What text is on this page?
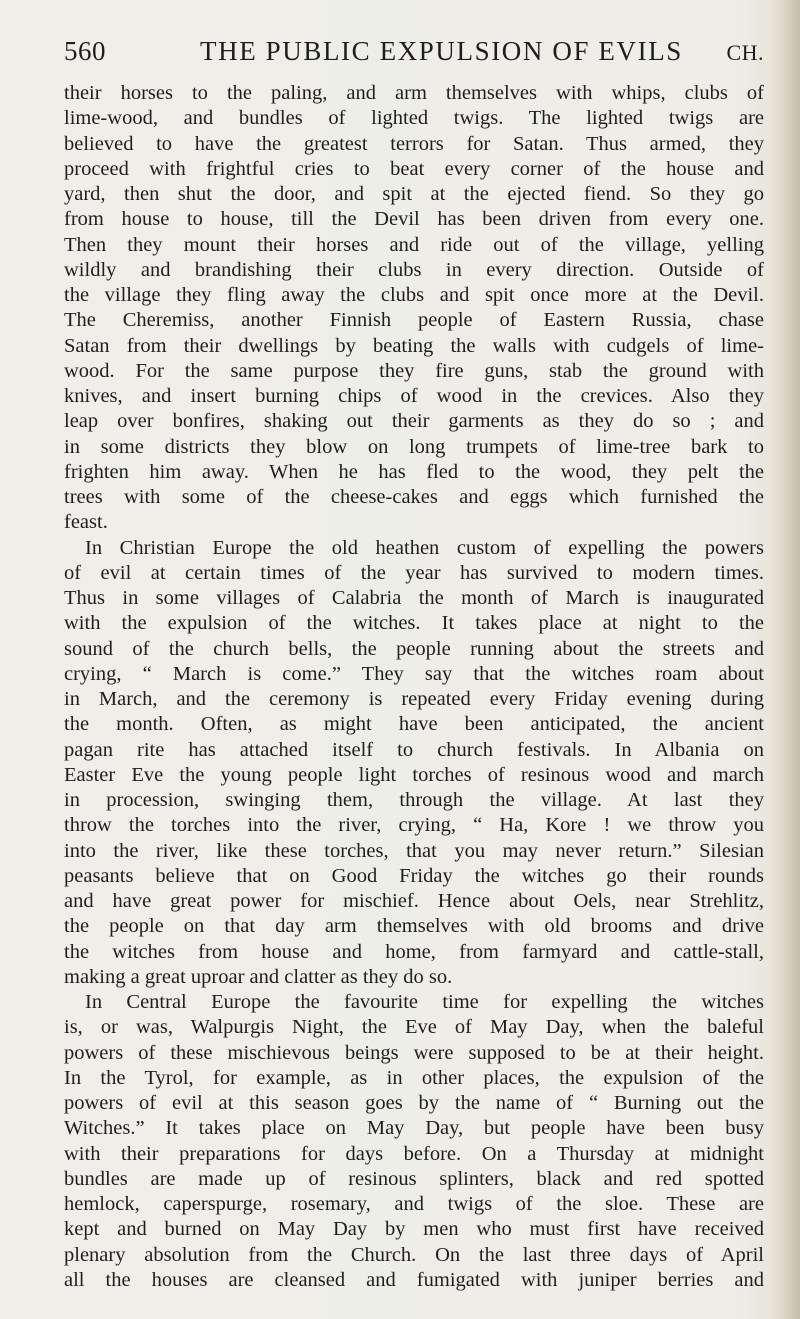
560	THE PUBLIC EXPULSION OF EVILS CH.
their horses to the paling, and arm themselves with whips, clubs of
lime-wood, and bundles of lighted twigs. The lighted twigs are
believed to have the greatest terrors for Satan. Thus armed, they
proceed with frightful cries to beat every corner of the house and
yard, then shut the door, and spit at the ejected fiend. So they go
from house to house, till the Devil has been driven from every one.
Then they mount their horses and ride out of the village, yelling
wildly and brandishing their clubs in every direction. Outside of
the village they fling away the clubs and spit once more at the Devil.
The Cheremiss, another Finnish people of Eastern Russia, chase
Satan from their dwellings by beating the walls with cudgels of lime-
wood. For the same purpose they fire guns, stab the ground with
knives, and insert burning chips of wood in the crevices. Also they
leap over bonfires, shaking out their garments as they do so ; and
in some districts they blow on long trumpets of lime-tree bark to
frighten him away. When he has fled to the wood, they pelt the
trees with some of the cheese-cakes and eggs which furnished the
feast.
In Christian Europe the old heathen custom of expelling the powers
of evil at certain times of the year has survived to modern times.
Thus in some villages of Calabria the month of March is inaugurated
with the expulsion of the witches. It takes place at night to the
sound of the church bells, the people running about the streets and
crying, “ March is come.” They say that the witches roam about
in March, and the ceremony is repeated every Friday evening during
the month. Often, as might have been anticipated, the ancient
pagan rite has attached itself to church festivals. In Albania on
Easter Eve the young people light torches of resinous wood and march
in procession, swinging them, through the village. At last they
throw the torches into the river, crying, “ Ha, Kore ! we throw you
into the river, like these torches, that you may never return.” Silesian
peasants believe that on Good Friday the witches go their rounds
and have great power for mischief. Hence about Oels, near Strehlitz,
the people on that day arm themselves with old brooms and drive
the witches from house and home, from farmyard and cattle-stall,
making a great uproar and clatter as they do so.
In Central Europe the favourite time for expelling the witches
is, or was, Walpurgis Night, the Eve of May Day, when the baleful
powers of these mischievous beings were supposed to be at their height.
In the Tyrol, for example, as in other places, the expulsion of the
powers of evil at this season goes by the name of “ Burning out the
Witches.” It takes place on May Day, but people have been busy
with their preparations for days before. On a Thursday at midnight
bundles are made up of resinous splinters, black and red spotted
hemlock, caperspurge, rosemary, and twigs of the sloe. These are
kept and burned on May Day by men who must first have received
plenary absolution from the Church. On the last three days of April
all the houses are cleansed and fumigated with juniper berries and
